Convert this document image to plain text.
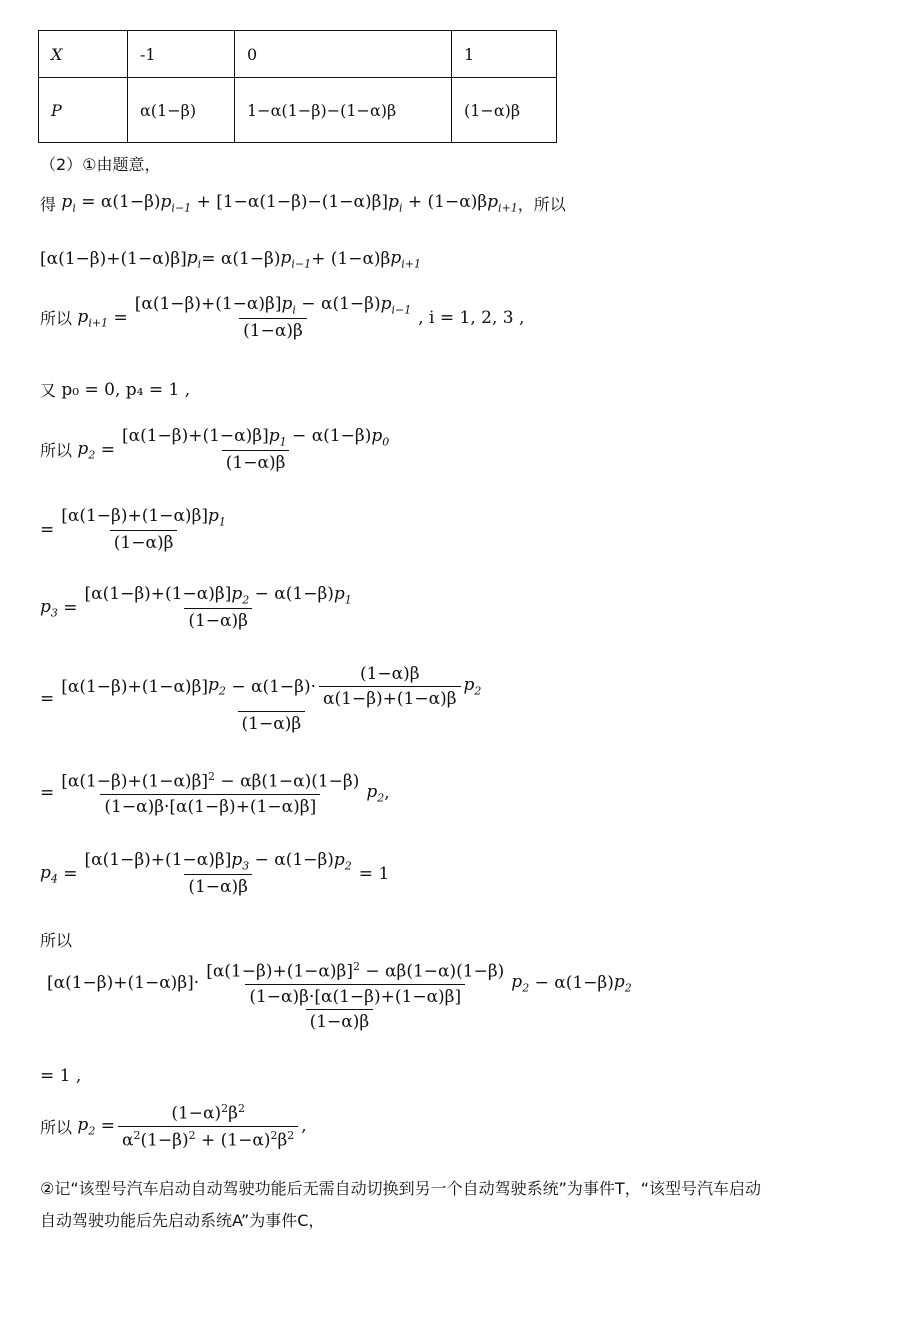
X	-1	0	1
P	α(1−β)	1−α(1−β)−(1−α)β	(1−α)β
（2）①由题意，
得
$p_i = \alpha(1-\beta)p_{i-1} + [1-\alpha(1-\beta)-(1-\alpha)\beta]p_i + (1-\alpha)\beta p_{i+1}$ ，所以
[α(1−β)+(1−α)β] $p_i = \alpha(1-\beta) p_{i-1} + (1-\alpha)\beta$ $p_{i+1}$
所以
$p_{i+1} = \frac{[\alpha(1-\beta)+(1-\alpha)\beta]p_i - \alpha(1-\beta)p_{i-1}}{(1-\alpha)\beta}$ , i = 1, 2, 3 ,
又
p₀ = 0, p₄ = 1 ,
所以
$p_2 = \frac{[\alpha(1-\beta)+(1-\alpha)\beta]p_1 - \alpha(1-\beta)p_0}{(1-\alpha)\beta}$
= $\frac{[\alpha(1-\beta)+(1-\alpha)\beta]p_1}{(1-\alpha)\beta}$
$p_3 = \frac{[\alpha(1-\beta)+(1-\alpha)\beta]p_2 - \alpha(1-\beta)p_1}{(1-\alpha)\beta}$
= $\frac{[\alpha(1-\beta)+(1-\alpha)\beta] p_2 - \alpha(1-\beta)\cdot \frac{(1-\alpha)\beta}{\alpha(1-\beta)+(1-\alpha)\beta} p_2}{(1-\alpha)\beta}$
= $\frac{[\alpha(1-\beta)+(1-\alpha)\beta]^2 - \alpha\beta(1-\alpha)(1-\beta)}{(1-\alpha)\beta\cdot[\alpha(1-\beta)+(1-\alpha)\beta]} p_2$ ,
$p_4 = \frac{[\alpha(1-\beta)+(1-\alpha)\beta]p_3 - \alpha(1-\beta)p_2}{(1-\alpha)\beta} = 1$
所以
$[\alpha(1-\beta)+(1-\alpha)\beta]\cdot \frac{[\alpha(1-\beta)+(1-\alpha)\beta]^2 - \alpha\beta(1-\alpha)(1-\beta)}{(1-\alpha)\beta\cdot[\alpha(1-\beta)+(1-\alpha)\beta]} p_2 - \alpha(1-\beta)$ $p_2$
(1−α)β
= 1 ,
所以
$p_2 = \frac{(1-\alpha)^2\beta^2}{\alpha^2(1-\beta)^2 + (1-\alpha)^2\beta^2}$ ,
②记“该型号汽车启动自动驾驶功能后无需自动切换到另一个自动驾驶系统”为事件T，“该型号汽车启动
自动驾驶功能后先启动系统A”为事件C，
